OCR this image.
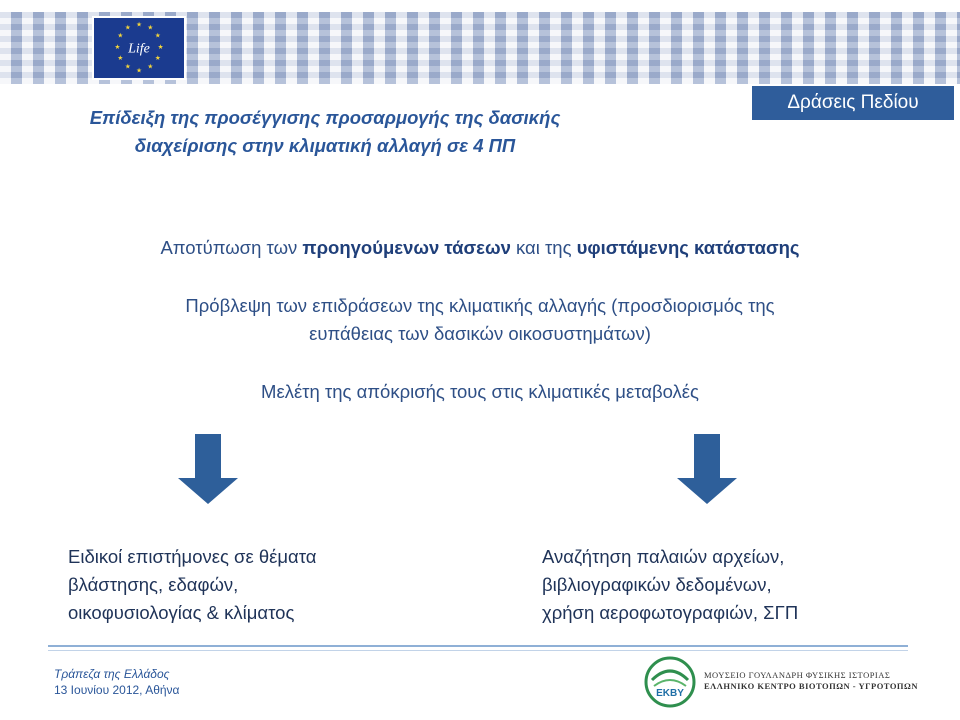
★ ★
★
★
★
★
★
★
★
★
★
★
Life
Δράσεις Πεδίου
Επίδειξη της προσέγγισης προσαρμογής της δασικής
διαχείρισης στην κλιματική αλλαγή σε 4 ΠΠ
Αποτύπωση των προηγούμενων τάσεων και της υφιστάμενης κατάστασης
Πρόβλεψη των επιδράσεων της κλιματικής αλλαγής (προσδιορισμός της
ευπάθειας των δασικών οικοσυστημάτων)
Μελέτη της απόκρισής τους στις κλιματικές μεταβολές
Ειδικοί επιστήμονες σε θέματα
βλάστησης, εδαφών,
οικοφυσιολογίας & κλίματος
Αναζήτηση παλαιών αρχείων,
βιβλιογραφικών δεδομένων,
χρήση αεροφωτογραφιών, ΣΓΠ
Τράπεζα της Ελλάδος
13 Ιουνίου 2012, Αθήνα	EKBY
ΜΟΥΣΕΙΟ ΓΟΥΛΑΝΔΡΗ ΦΥΣΙΚΗΣ ΙΣΤΟΡΙΑΣ
ΕΛΛΗΝΙΚΟ ΚΕΝΤΡΟ ΒΙΟΤΟΠΩΝ - ΥΓΡΟΤΟΠΩΝ
